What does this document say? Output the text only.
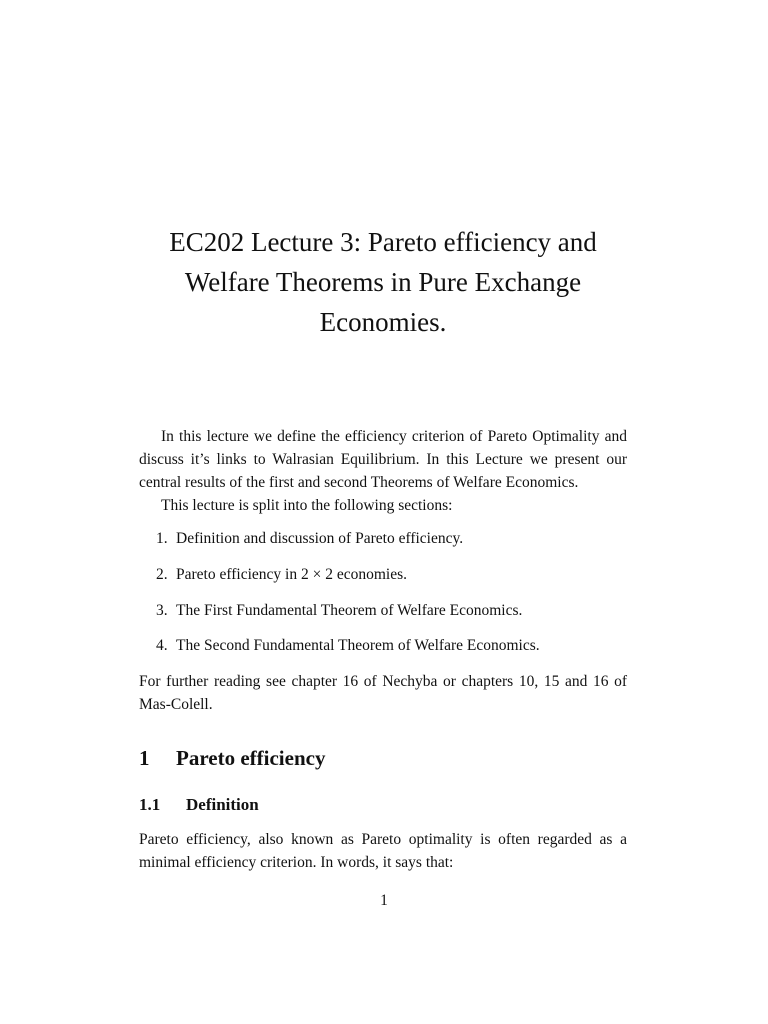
EC202 Lecture 3: Pareto efficiency and
Welfare Theorems in Pure Exchange
Economies.

In this lecture we define the efficiency criterion of Pareto Optimality and discuss it’s links to Walrasian Equilibrium. In this Lecture we present our central results of the first and second Theorems of Welfare Economics.

This lecture is split into the following sections:

1. Definition and discussion of Pareto efficiency.
2. Pareto efficiency in 2 × 2 economies.
3. The First Fundamental Theorem of Welfare Economics.
4. The Second Fundamental Theorem of Welfare Economics.

For further reading see chapter 16 of Nechyba or chapters 10, 15 and 16 of Mas-Colell.

1 Pareto efficiency
1.1 Definition

Pareto efficiency, also known as Pareto optimality is often regarded as a minimal efficiency criterion. In words, it says that:

1
